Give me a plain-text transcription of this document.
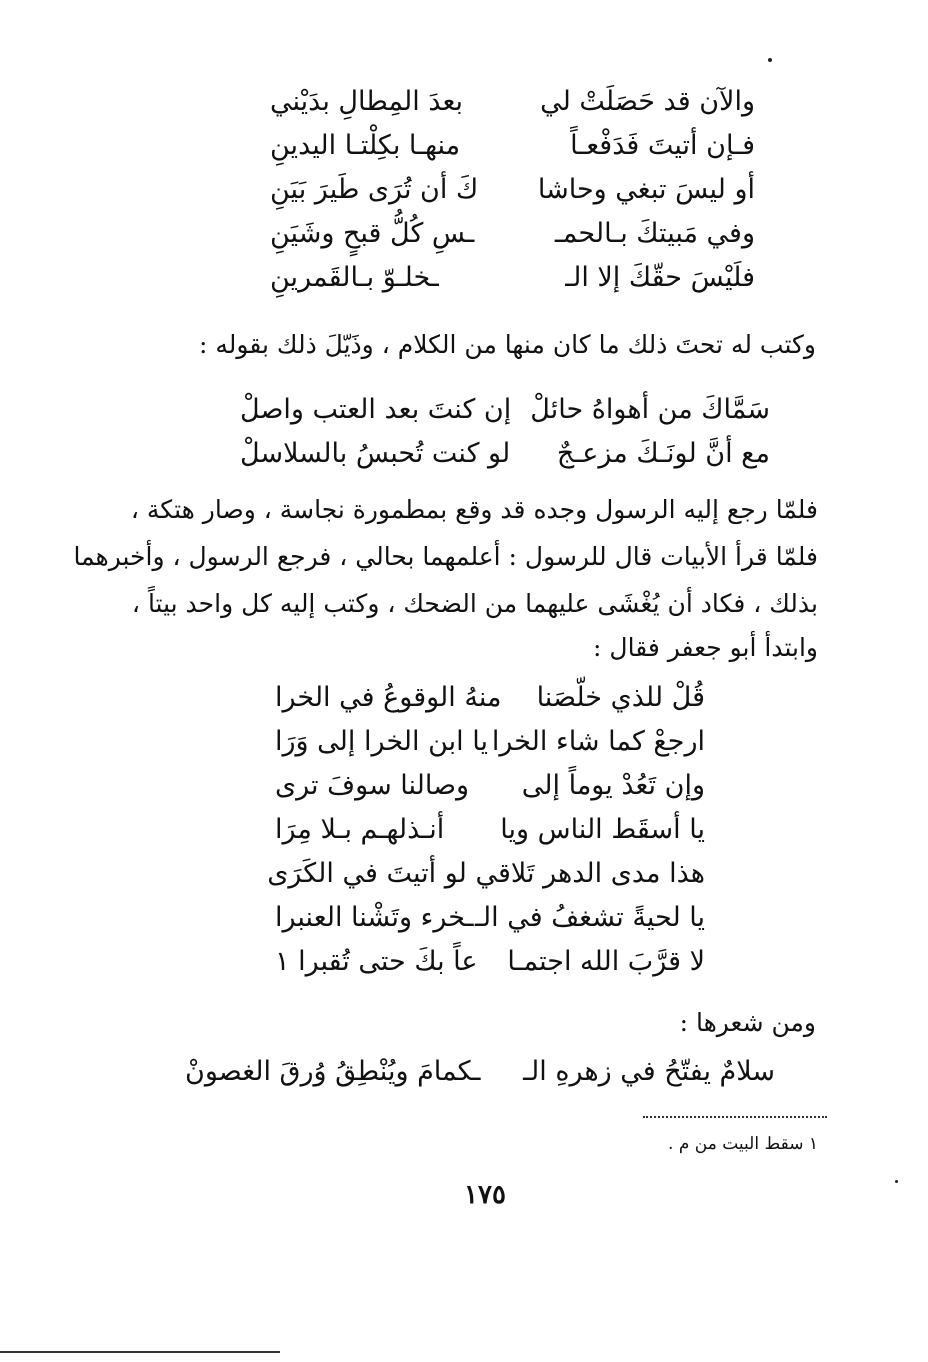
والآن قد حَصَلَتْ لي
بعدَ المِطالِ بدَيْني
فـإن أتيتَ فَدَفْعـاً
منهـا بكِلْتـا اليدينِ
أو ليسَ تبغي وحاشا
كَ أن تُرَى طَيرَ بَيَنِ
وفي مَبيتكَ بـالحمـ
ـسِ كُلُّ قبحٍ وشَيَنِ
فلَيْسَ حقّكَ إلا الـ
ـخلـوّ بـالقَمرينِ
وكتب له تحتَ ذلك ما كان منها من الكلام ، وذَيّلَ ذلك بقوله :
سَمَّاكَ من أهواهُ حائلْ
إن كنتَ بعد العتب واصلْ
مع أنَّ لونَـكَ مزعـجٌ
لو كنت تُحبسُ بالسلاسلْ
فلمّا رجع إليه الرسول وجده قد وقع بمطمورة نجاسة ، وصار هتكة ،
فلمّا قرأ الأبيات قال للرسول : أعلمهما بحالي ، فرجع الرسول ، وأخبرهما
بذلك ، فكاد أن يُغْشَى عليهما من الضحك ، وكتب إليه كل واحد بيتاً ،
وابتدأ أبو جعفر فقال :
قُلْ للذي خلّصَنا
منهُ الوقوعُ في الخرا
ارجعْ كما شاء الخرا
يا ابن الخرا إلى وَرَا
وإن تَعُدْ يوماً إلى
وصالنا سوفَ ترى
يا أسقَط الناس ويا
أنـذلهـم بـلا مِرَا
هذا مدى الدهر تَلا
قي لو أتيتَ في الكَرَى
يا لحيةً تشغفُ في الـ
ـخرء وتَشْنا العنبرا
لا قرَّبَ الله اجتمـا
عاً بكَ حتى تُقبرا ١
ومن شعرها :
سلامٌ يفتّحُ في زهرهِ الـ
ـكمامَ ويُنْطِقُ وُرقَ الغصونْ
١ سقط البيت من م .
١٧٥
